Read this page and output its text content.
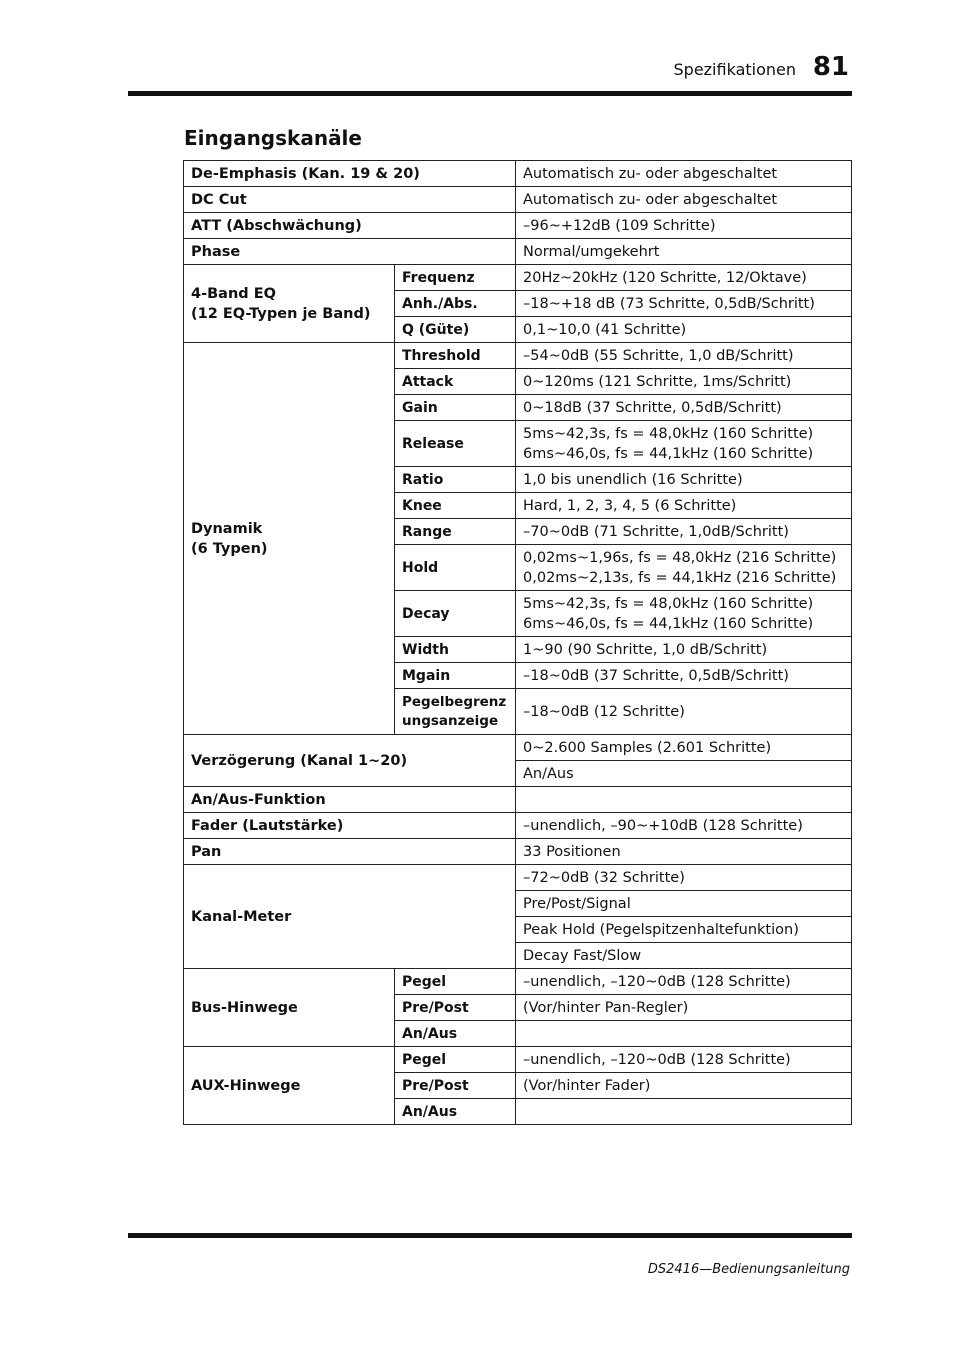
Spezifikationen 81
Eingangskanäle
De-Emphasis (Kan. 19 & 20)		Automatisch zu- oder abgeschaltet
DC Cut		Automatisch zu- oder abgeschaltet
ATT (Abschwächung)		–96~+12dB (109 Schritte)
Phase		Normal/umgekehrt

4-Band EQ
(12 EQ-Typen je Band)	Frequenz	20Hz~20kHz (120 Schritte, 12/Oktave)
	Anh./Abs.	–18~+18 dB (73 Schritte, 0,5dB/Schritt)
	Q (Güte)	0,1~10,0 (41 Schritte)

Dynamik
(6 Typen)	Threshold	–54~0dB (55 Schritte, 1,0 dB/Schritt)
	Attack	0~120ms (121 Schritte, 1ms/Schritt)
	Gain	0~18dB (37 Schritte, 0,5dB/Schritt)
	Release	5ms~42,3s, fs = 48,0kHz (160 Schritte)
6ms~46,0s, fs = 44,1kHz (160 Schritte)

	Ratio	1,0 bis unendlich (16 Schritte)
	Knee	Hard, 1, 2, 3, 4, 5 (6 Schritte)
	Range	–70~0dB (71 Schritte, 1,0dB/Schritt)
	Hold	0,02ms~1,96s, fs = 48,0kHz (216 Schritte)
0,02ms~2,13s, fs = 44,1kHz (216 Schritte)

	Decay	5ms~42,3s, fs = 48,0kHz (160 Schritte)
6ms~46,0s, fs = 44,1kHz (160 Schritte)

	Width	1~90 (90 Schritte, 1,0 dB/Schritt)
	Mgain	–18~0dB (37 Schritte, 0,5dB/Schritt)

	Pegelbegrenz
ungsanzeige	–18~0dB (12 Schritte)
Verzögerung (Kanal 1~20)		0~2.600 Samples (2.601 Schritte)
		An/Aus
An/Aus-Funktion		
Fader (Lautstärke)		–unendlich, –90~+10dB (128 Schritte)
Pan		33 Positionen
Kanal-Meter		–72~0dB (32 Schritte)
		Pre/Post/Signal
		Peak Hold (Pegelspitzenhaltefunktion)
		Decay Fast/Slow
Bus-Hinwege	Pegel	–unendlich, –120~0dB (128 Schritte)
	Pre/Post	(Vor/hinter Pan-Regler)
	An/Aus	
AUX-Hinwege	Pegel	–unendlich, –120~0dB (128 Schritte)
	Pre/Post	(Vor/hinter Fader)
	An/Aus	
DS2416—Bedienungsanleitung
